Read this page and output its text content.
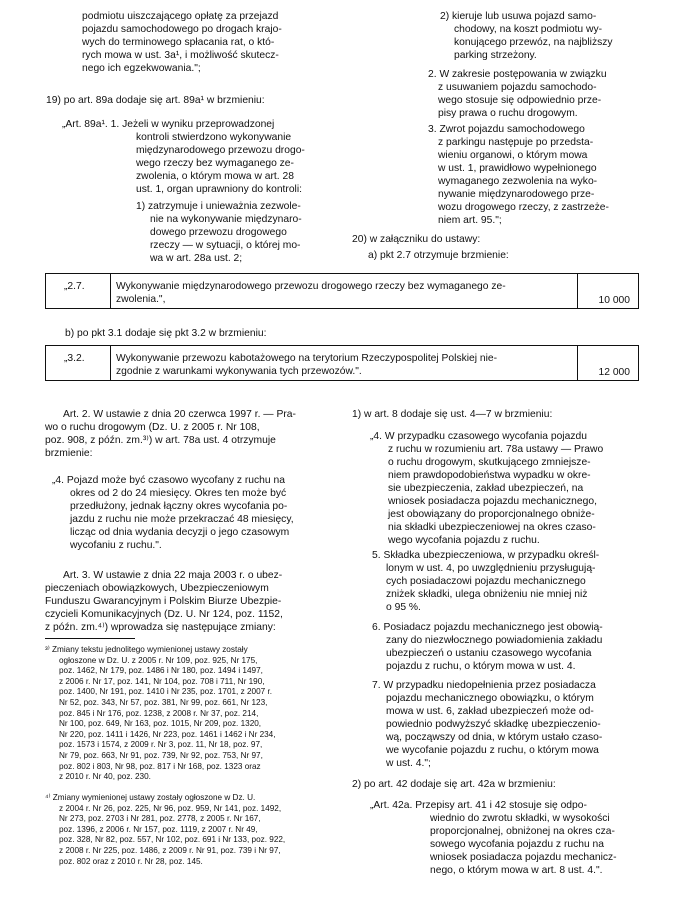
podmiotu uiszczającego opłatę za przejazd
pojazdu samochodowego po drogach krajo-
wych do terminowego spłacania rat, o któ-
rych mowa w ust. 3a¹, i możliwość skutecz-
nego ich egzekwowania.";
19) po art. 89a dodaje się art. 89a¹ w brzmieniu:
„Art. 89a¹. 1. Jeżeli w wyniku przeprowadzonej
kontroli stwierdzono wykonywanie
międzynarodowego przewozu drogo-
wego rzeczy bez wymaganego ze-
zwolenia, o którym mowa w art. 28
ust. 1, organ uprawniony do kontroli:
1) zatrzymuje i unieważnia zezwole-
nie na wykonywanie międzynaro-
dowego przewozu drogowego
rzeczy — w sytuacji, o której mo-
wa w art. 28a ust. 2;
2) kieruje lub usuwa pojazd samo-
chodowy, na koszt podmiotu wy-
konującego przewóz, na najbliższy
parking strzeżony.
2. W zakresie postępowania w związku
z usuwaniem pojazdu samochodo-
wego stosuje się odpowiednio prze-
pisy prawa o ruchu drogowym.
3. Zwrot pojazdu samochodowego
z parkingu następuje po przedsta-
wieniu organowi, o którym mowa
w ust. 1, prawidłowo wypełnionego
wymaganego zezwolenia na wyko-
nywanie międzynarodowego prze-
wozu drogowego rzeczy, z zastrzeże-
niem art. 95.";
20) w załączniku do ustawy:
a) pkt 2.7 otrzymuje brzmienie:
„2.7.	Wykonywanie międzynarodowego przewozu drogowego rzeczy bez wymaganego ze-
zwolenia.",	10 000
b) po pkt 3.1 dodaje się pkt 3.2 w brzmieniu:
„3.2.	Wykonywanie przewozu kabotażowego na terytorium Rzeczypospolitej Polskiej nie-
zgodnie z warunkami wykonywania tych przewozów.".	12 000
Art. 2. W ustawie z dnia 20 czerwca 1997 r. — Pra-
wo o ruchu drogowym (Dz. U. z 2005 r. Nr 108,
poz. 908, z późn. zm.³⁾) w art. 78a ust. 4 otrzymuje
brzmienie:
„4. Pojazd może być czasowo wycofany z ruchu na
okres od 2 do 24 miesięcy. Okres ten może być
przedłużony, jednak łączny okres wycofania po-
jazdu z ruchu nie może przekraczać 48 miesięcy,
licząc od dnia wydania decyzji o jego czasowym
wycofaniu z ruchu.".
Art. 3. W ustawie z dnia 22 maja 2003 r. o ubez-
pieczeniach obowiązkowych, Ubezpieczeniowym
Funduszu Gwarancyjnym i Polskim Biurze Ubezpie-
czycieli Komunikacyjnych (Dz. U. Nr 124, poz. 1152,
z późn. zm.⁴⁾) wprowadza się następujące zmiany:
³⁾ Zmiany tekstu jednolitego wymienionej ustawy zostały
ogłoszone w Dz. U. z 2005 r. Nr 109, poz. 925, Nr 175,
poz. 1462, Nr 179, poz. 1486 i Nr 180, poz. 1494 i 1497,
z 2006 r. Nr 17, poz. 141, Nr 104, poz. 708 i 711, Nr 190,
poz. 1400, Nr 191, poz. 1410 i Nr 235, poz. 1701, z 2007 r.
Nr 52, poz. 343, Nr 57, poz. 381, Nr 99, poz. 661, Nr 123,
poz. 845 i Nr 176, poz. 1238, z 2008 r. Nr 37, poz. 214,
Nr 100, poz. 649, Nr 163, poz. 1015, Nr 209, poz. 1320,
Nr 220, poz. 1411 i 1426, Nr 223, poz. 1461 i 1462 i Nr 234,
poz. 1573 i 1574, z 2009 r. Nr 3, poz. 11, Nr 18, poz. 97,
Nr 79, poz. 663, Nr 91, poz. 739, Nr 92, poz. 753, Nr 97,
poz. 802 i 803, Nr 98, poz. 817 i Nr 168, poz. 1323 oraz
z 2010 r. Nr 40, poz. 230.
⁴⁾ Zmiany wymienionej ustawy zostały ogłoszone w Dz. U.
z 2004 r. Nr 26, poz. 225, Nr 96, poz. 959, Nr 141, poz. 1492,
Nr 273, poz. 2703 i Nr 281, poz. 2778, z 2005 r. Nr 167,
poz. 1396, z 2006 r. Nr 157, poz. 1119, z 2007 r. Nr 49,
poz. 328, Nr 82, poz. 557, Nr 102, poz. 691 i Nr 133, poz. 922,
z 2008 r. Nr 225, poz. 1486, z 2009 r. Nr 91, poz. 739 i Nr 97,
poz. 802 oraz z 2010 r. Nr 28, poz. 145.
1) w art. 8 dodaje się ust. 4—7 w brzmieniu:
„4. W przypadku czasowego wycofania pojazdu
z ruchu w rozumieniu art. 78a ustawy — Prawo
o ruchu drogowym, skutkującego zmniejsze-
niem prawdopodobieństwa wypadku w okre-
sie ubezpieczenia, zakład ubezpieczeń, na
wniosek posiadacza pojazdu mechanicznego,
jest obowiązany do proporcjonalnego obniże-
nia składki ubezpieczeniowej na okres czaso-
wego wycofania pojazdu z ruchu.
5. Składka ubezpieczeniowa, w przypadku określ-
lonym w ust. 4, po uwzględnieniu przysługują-
cych posiadaczowi pojazdu mechanicznego
zniżek składki, ulega obniżeniu nie mniej niż
o 95 %.
6. Posiadacz pojazdu mechanicznego jest obowią-
zany do niezwłocznego powiadomienia zakładu
ubezpieczeń o ustaniu czasowego wycofania
pojazdu z ruchu, o którym mowa w ust. 4.
7. W przypadku niedopełnienia przez posiadacza
pojazdu mechanicznego obowiązku, o którym
mowa w ust. 6, zakład ubezpieczeń może od-
powiednio podwyższyć składkę ubezpieczenio-
wą, począwszy od dnia, w którym ustało czaso-
we wycofanie pojazdu z ruchu, o którym mowa
w ust. 4.";
2) po art. 42 dodaje się art. 42a w brzmieniu:
„Art. 42a. Przepisy art. 41 i 42 stosuje się odpo-
wiednio do zwrotu składki, w wysokości
proporcjonalnej, obniżonej na okres cza-
sowego wycofania pojazdu z ruchu na
wniosek posiadacza pojazdu mechanicz-
nego, o którym mowa w art. 8 ust. 4.".
